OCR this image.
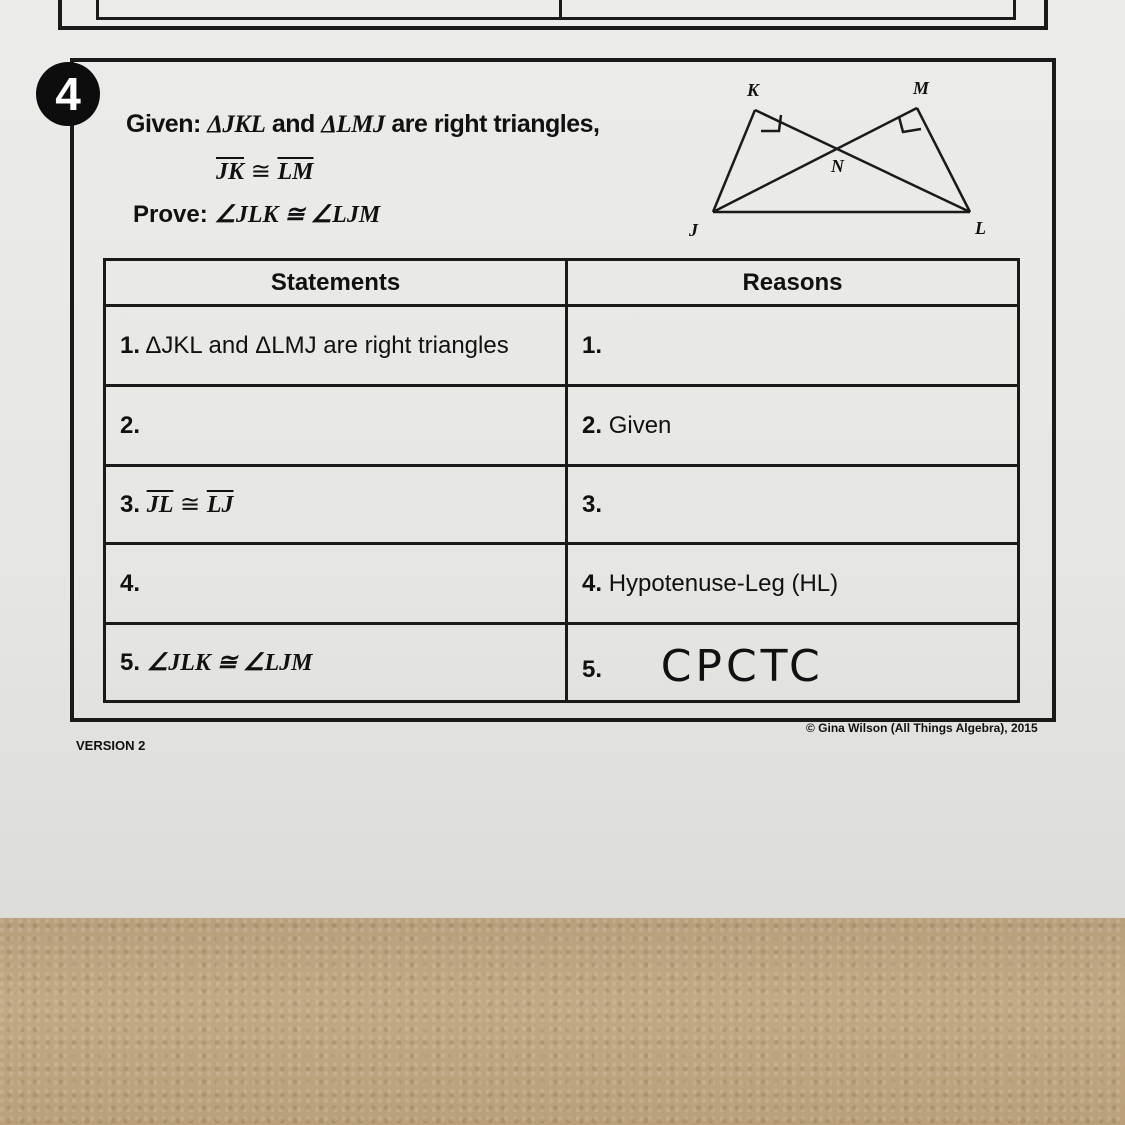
4
Given: ΔJKL and ΔLMJ are right triangles,
$\overline{JK}$ ≅ $\overline{LM}$
Prove: ∠JLK ≅ ∠LJM
K	M
N
J	L
Statements	Reasons
1. ΔJKL and ΔLMJ are right triangles	1.
2.	2. Given
3. $\overline{JL}$ ≅ $\overline{LJ}$	3.
4.	4. Hypotenuse-Leg (HL)
5. ∠JLK ≅ ∠LJM	5. CPCTC
VERSION 2
© Gina Wilson (All Things Algebra), 2015
